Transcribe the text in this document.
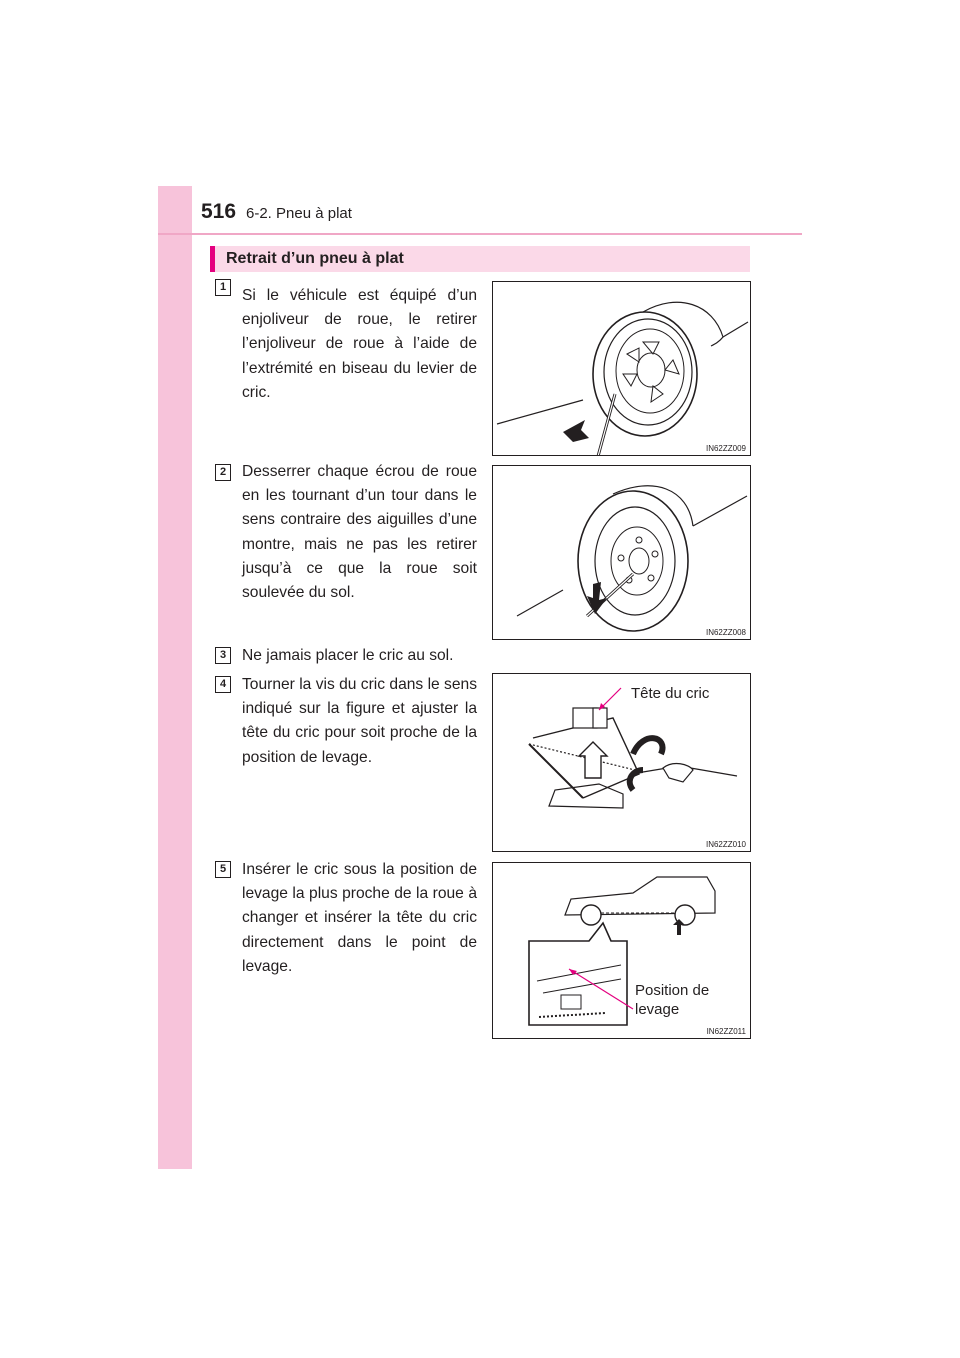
516 6-2. Pneu à plat
Retrait d’un pneu à plat
1	Si le véhicule est équipé d’un enjoliveur de roue, le retirer l’enjoliveur de roue à l’aide de l’extrémité en biseau du levier de cric.
IN62ZZ009
2	Desserrer chaque écrou de roue en les tournant d’un tour dans le sens contraire des aiguilles d’une montre, mais ne pas les retirer jusqu’à ce que la roue soit soulevée du sol.
IN62ZZ008
3	Ne jamais placer le cric au sol.
4	Tourner la vis du cric dans le sens indiqué sur la figure et ajuster la tête du cric pour soit proche de la position de levage.
Tête du cric
IN62ZZ010
5	Insérer le cric sous la position de levage la plus proche de la roue à changer et insérer la tête du cric directement dans le point de levage.
Position de
levage
IN62ZZ011
